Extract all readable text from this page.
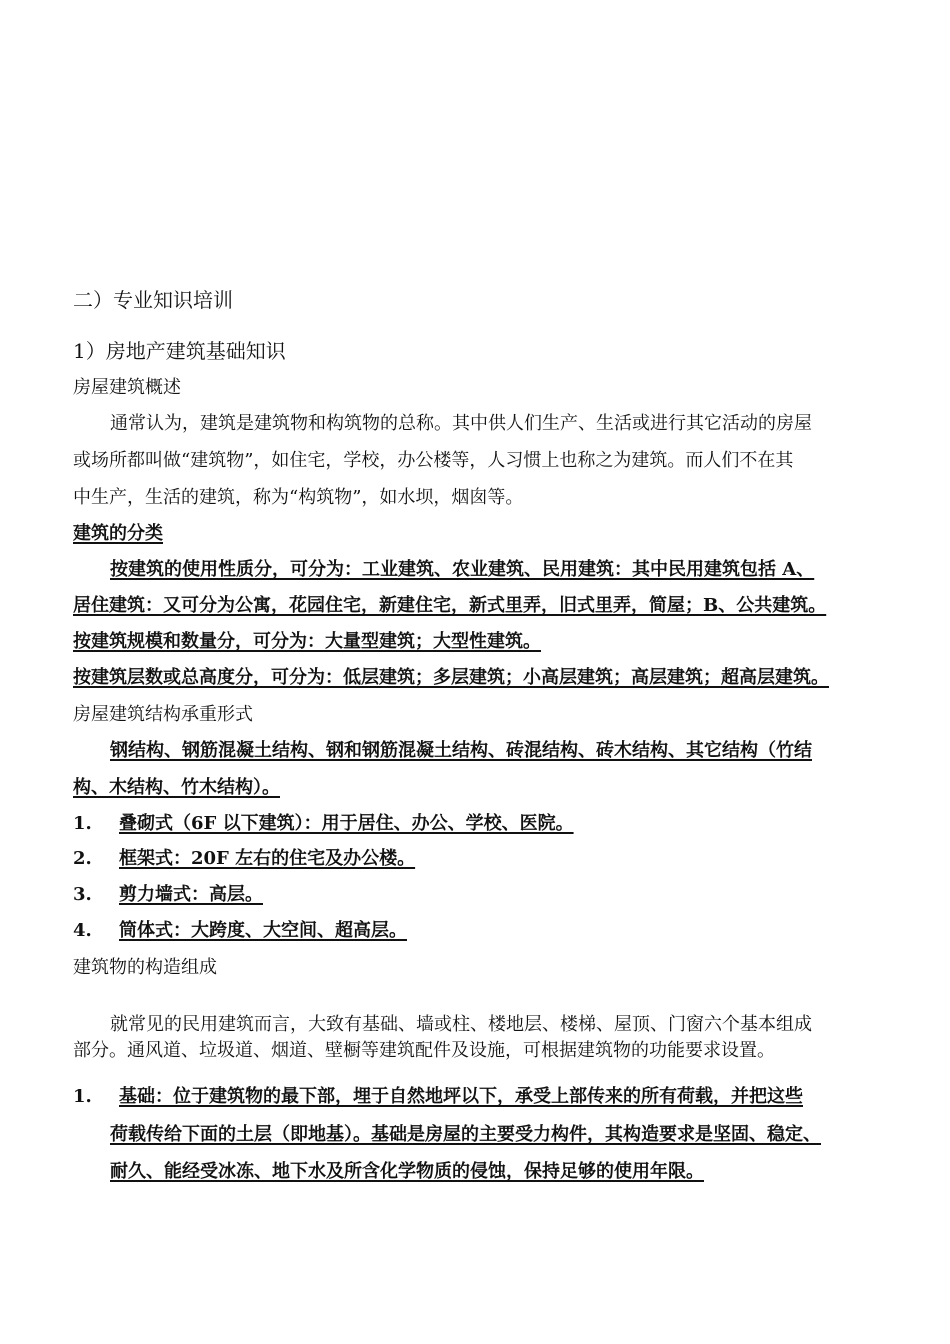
二）专业知识培训
1）房地产建筑基础知识
房屋建筑概述
通常认为，建筑是建筑物和构筑物的总称。其中供人们生产、生活或进行其它活动的房屋
或场所都叫做“建筑物”，如住宅，学校，办公楼等，人习惯上也称之为建筑。而人们不在其
中生产，生活的建筑，称为“构筑物”，如水坝，烟囱等。
建筑的分类
按建筑的使用性质分，可分为：工业建筑、农业建筑、民用建筑：其中民用建筑包括 A、
居住建筑：又可分为公寓，花园住宅，新建住宅，新式里弄，旧式里弄，简屋；B、公共建筑。
按建筑规模和数量分，可分为：大量型建筑；大型性建筑。
按建筑层数或总高度分，可分为：低层建筑；多层建筑；小高层建筑；高层建筑；超高层建筑。
房屋建筑结构承重形式
钢结构、钢筋混凝土结构、钢和钢筋混凝土结构、砖混结构、砖木结构、其它结构（竹结
构、木结构、竹木结构）。
1. 叠砌式（6F 以下建筑）：用于居住、办公、学校、医院。
2. 框架式：20F 左右的住宅及办公楼。
3. 剪力墙式：高层。
4. 筒体式：大跨度、大空间、超高层。
建筑物的构造组成
就常见的民用建筑而言，大致有基础、墙或柱、楼地层、楼梯、屋顶、门窗六个基本组成
部分。通风道、垃圾道、烟道、壁橱等建筑配件及设施，可根据建筑物的功能要求设置。
1. 基础：位于建筑物的最下部，埋于自然地坪以下，承受上部传来的所有荷载，并把这些
荷载传给下面的土层（即地基）。基础是房屋的主要受力构件，其构造要求是坚固、稳定、
耐久、能经受冰冻、地下水及所含化学物质的侵蚀，保持足够的使用年限。
